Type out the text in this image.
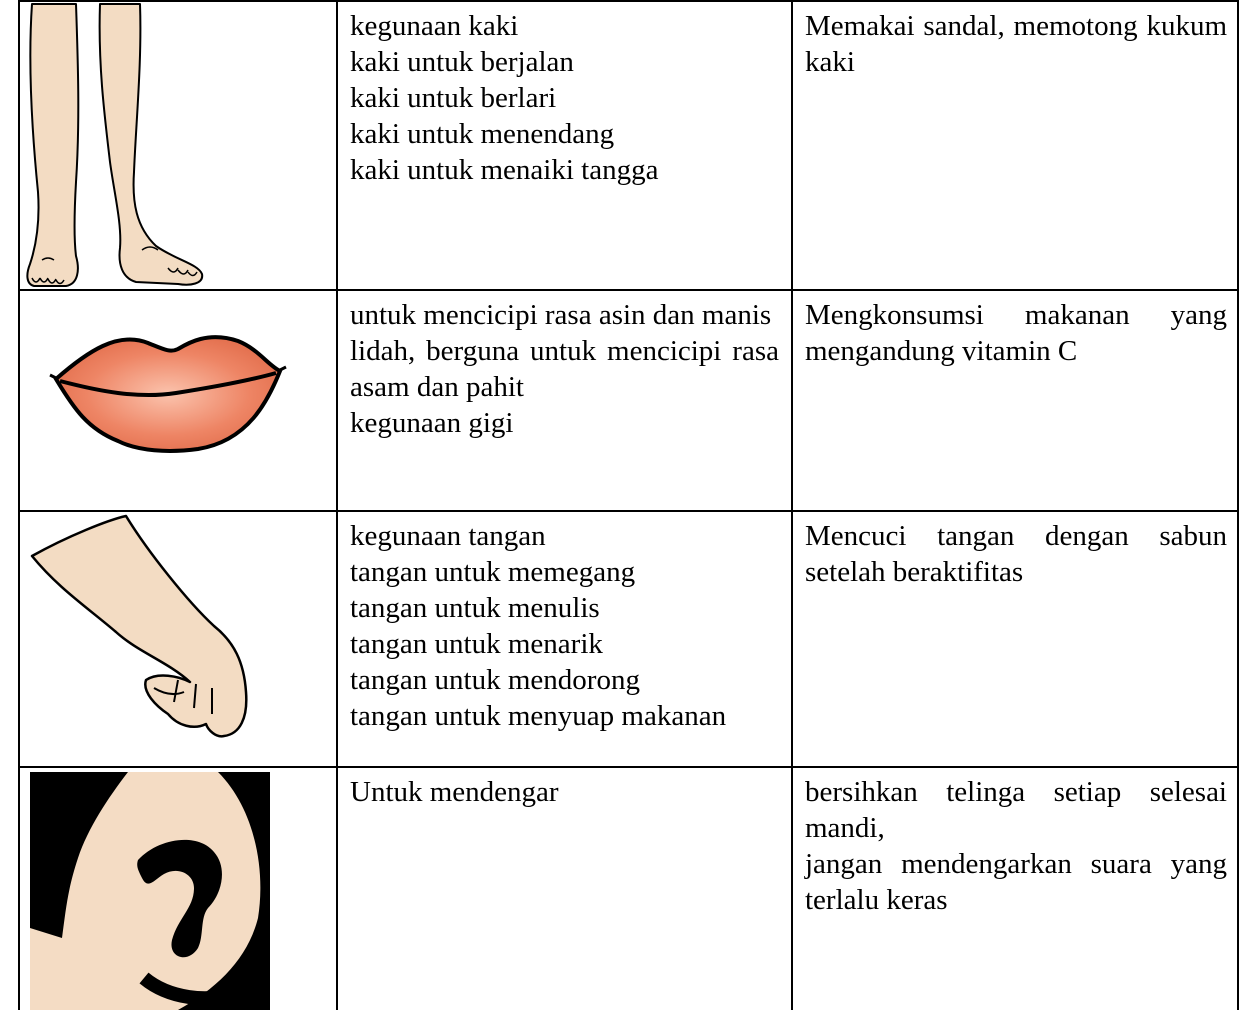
kegunaan kaki
kaki untuk berjalan
kaki untuk berlari
kaki untuk menendang
kaki untuk menaiki tangga
Memakai sandal, memotong kukum kaki
untuk mencicipi rasa asin dan manis
lidah, berguna untuk mencicipi rasa asam dan pahit
kegunaan gigi
Mengkonsumsi makanan yang mengandung vitamin C
kegunaan tangan
tangan untuk memegang
tangan untuk menulis
tangan untuk menarik
tangan untuk mendorong
tangan untuk menyuap makanan
Mencuci tangan dengan sabun setelah beraktifitas
Untuk mendengar	bersihkan telinga setiap selesai mandi,
jangan mendengarkan suara yang terlalu keras
